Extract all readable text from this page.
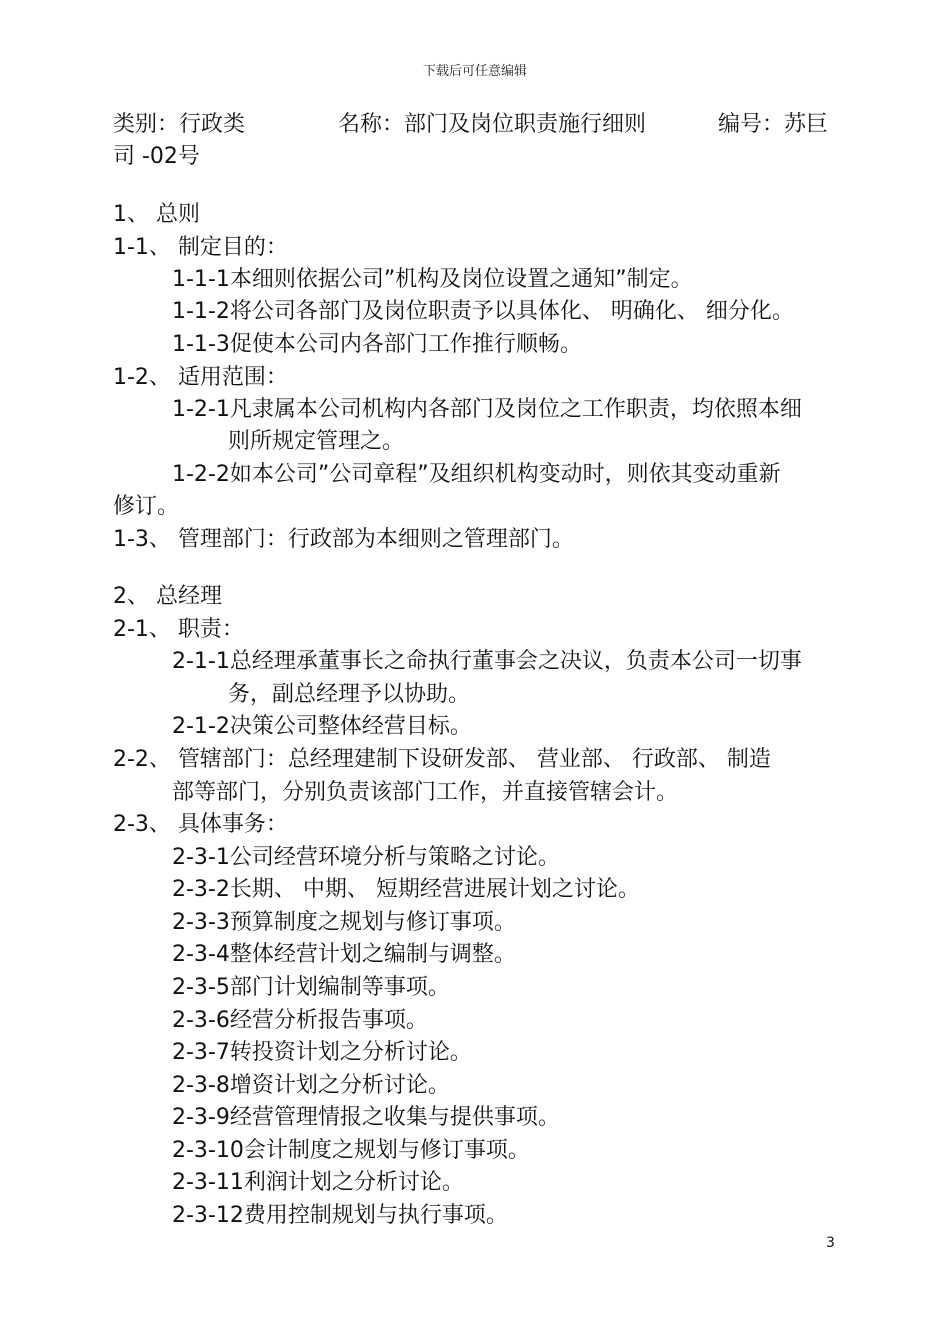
下载后可任意编辑
类别：行政类	名称：部门及岗位职责施行细则	编号：苏巨
司 -02号
1、 总则
1-1、 制定目的：
1-1-1本细则依据公司”机构及岗位设置之通知”制定。
1-1-2将公司各部门及岗位职责予以具体化、 明确化、 细分化。
1-1-3促使本公司内各部门工作推行顺畅。
1-2、 适用范围：
1-2-1凡隶属本公司机构内各部门及岗位之工作职责，均依照本细
则所规定管理之。
1-2-2如本公司”公司章程”及组织机构变动时，则依其变动重新
修订。
1-3、 管理部门：行政部为本细则之管理部门。
2、 总经理
2-1、 职责：
2-1-1总经理承董事长之命执行董事会之决议，负责本公司一切事
务，副总经理予以协助。
2-1-2决策公司整体经营目标。
2-2、 管辖部门：总经理建制下设研发部、 营业部、 行政部、 制造
部等部门，分别负责该部门工作，并直接管辖会计。
2-3、 具体事务：
2-3-1公司经营环境分析与策略之讨论。
2-3-2长期、 中期、 短期经营进展计划之讨论。
2-3-3预算制度之规划与修订事项。
2-3-4整体经营计划之编制与调整。
2-3-5部门计划编制等事项。
2-3-6经营分析报告事项。
2-3-7转投资计划之分析讨论。
2-3-8增资计划之分析讨论。
2-3-9经营管理情报之收集与提供事项。
2-3-10会计制度之规划与修订事项。
2-3-11利润计划之分析讨论。
2-3-12费用控制规划与执行事项。
3
